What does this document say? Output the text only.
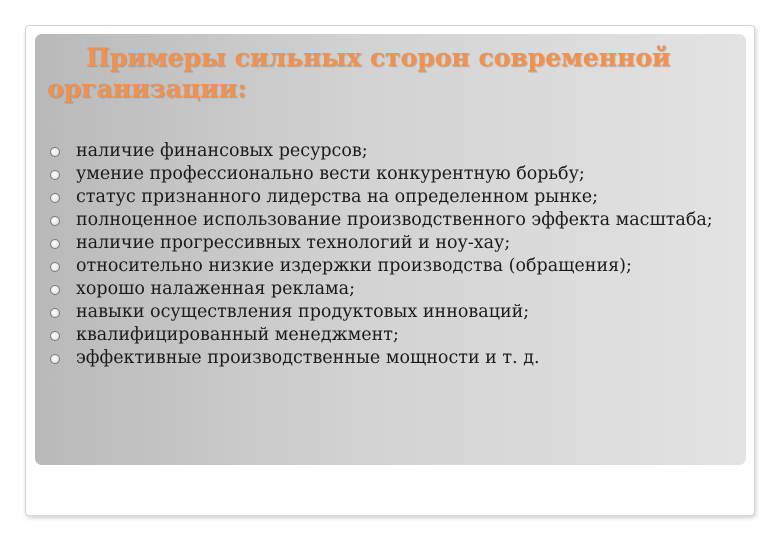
Примеры сильных сторон современной организации:
наличие финансовых ресурсов;
умение профессионально вести конкурентную борьбу;
статус признанного лидерства на определенном рынке;
полноценное использование производственного эффекта масштаба;
наличие прогрессивных технологий и ноу-хау;
относительно низкие издержки производства (обращения);
хорошо налаженная реклама;
навыки осуществления продуктовых инноваций;
квалифицированный менеджмент;
эффективные производственные мощности и т. д.
